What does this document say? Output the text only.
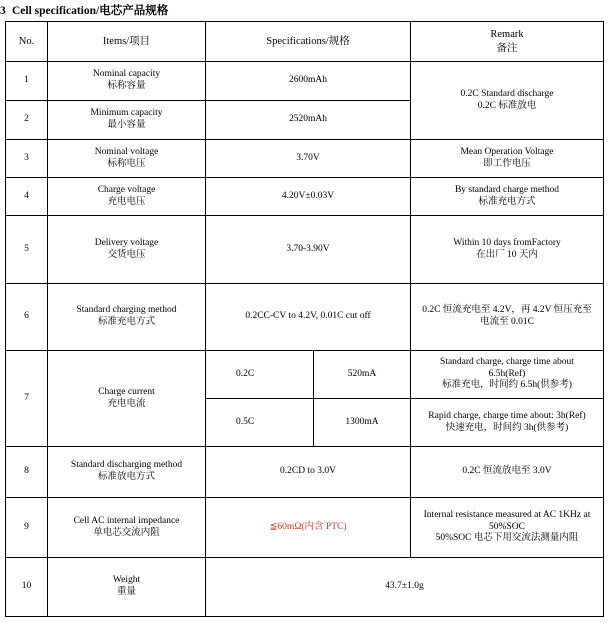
3 Cell specification/电芯产品规格
No.	Items/项目	Specifications/规格		Remark
备注

1	Nominal capacity
标称容量	2600mAh		0.2C Standard discharge
0.2C 标准放电

2	Minimum capacity
最小容量	2520mAh		
3	Nominal voltage
标称电压	3.70V		Mean Operation Voltage
即工作电压

4	Charge voltage
充电电压	4.20V±0.03V		By standard charge method
标准充电方式

5	Delivery voltage
交货电压	3.70-3.90V		Within 10 days fromFactory
在出厂 10 天内

6	Standard charging method
标准充电方式	0.2CC-CV to 4.2V, 0.01C cut off		0.2C 恒流充电至 4.2V，再 4.2V 恒压充至
电流至 0.01C

7	Charge current
充电电流	0.2C	520mA	Standard charge, charge time about
6.5h(Ref)
标准充电，时间约 6.5h(供参考)

		0.5C	1300mA	Rapid charge, charge time about: 3h(Ref)
快速充电，时间约 3h(供参考)

8	Standard discharging method
标准放电方式	0.2CD to 3.0V		0.2C 恒流放电至 3.0V
9	Cell AC internal impedance
单电芯交流内阻	≦60mΩ(内含 PTC)		Internal resistance measured at AC 1KHz at
50%SOC
50%SOC 电芯下用交流法测量内阻

10	Weight
重量	43.7±1.0g		
